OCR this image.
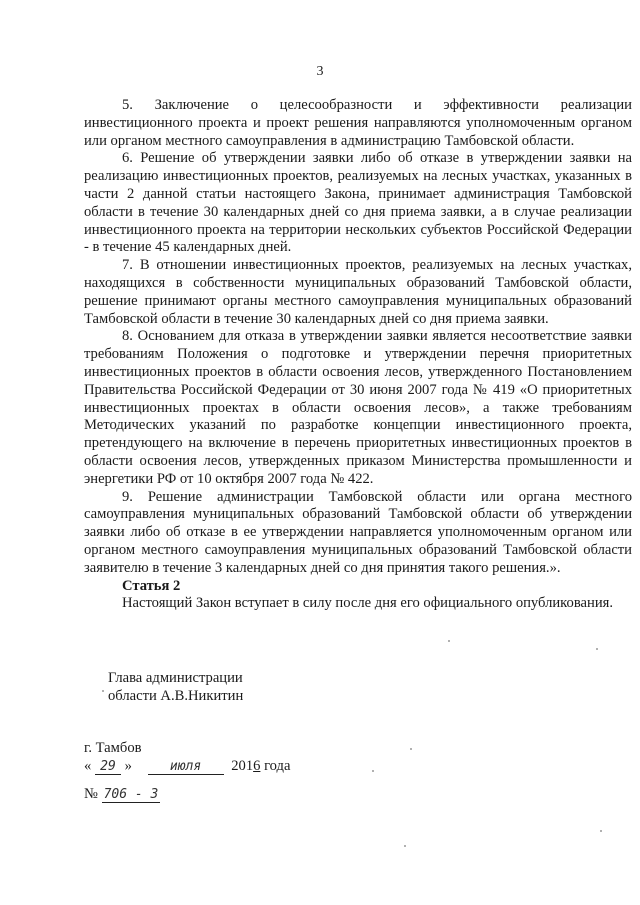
3

5. Заключение о целесообразности и эффективности реализации инвестиционного проекта и проект решения направляются уполномоченным органом или органом местного самоуправления в администрацию Тамбовской области.

6. Решение об утверждении заявки либо об отказе в утверждении заявки на реализацию инвестиционных проектов, реализуемых на лесных участках, указанных в части 2 данной статьи настоящего Закона, принимает администрация Тамбовской области в течение 30 календарных дней со дня приема заявки, а в случае реализации инвестиционного проекта на территории нескольких субъектов Российской Федерации - в течение 45 календарных дней.

7. В отношении инвестиционных проектов, реализуемых на лесных участках, находящихся в собственности муниципальных образований Тамбовской области, решение принимают органы местного самоуправления муниципальных образований Тамбовской области в течение 30 календарных дней со дня приема заявки.

8. Основанием для отказа в утверждении заявки является несоответствие заявки требованиям Положения о подготовке и утверждении перечня приоритетных инвестиционных проектов в области освоения лесов, утвержденного Постановлением Правительства Российской Федерации от 30 июня 2007 года № 419 «О приоритетных инвестиционных проектах в области освоения лесов», а также требованиям Методических указаний по разработке концепции инвестиционного проекта, претендующего на включение в перечень приоритетных инвестиционных проектов в области освоения лесов, утвержденных приказом Министерства промышленности и энергетики РФ от 10 октября 2007 года № 422.

9. Решение администрации Тамбовской области или органа местного самоуправления муниципальных образований Тамбовской области об утверждении заявки либо об отказе в ее утверждении направляется уполномоченным органом или органом местного самоуправления муниципальных образований Тамбовской области заявителю в течение 3 календарных дней со дня принятия такого решения.».

Статья 2

Настоящий Закон вступает в силу после дня его официального опубликования.

Глава администрации
области А.В.Никитин
г. Тамбов
« 29 »	июля 2016 года
№ 706 - 3
